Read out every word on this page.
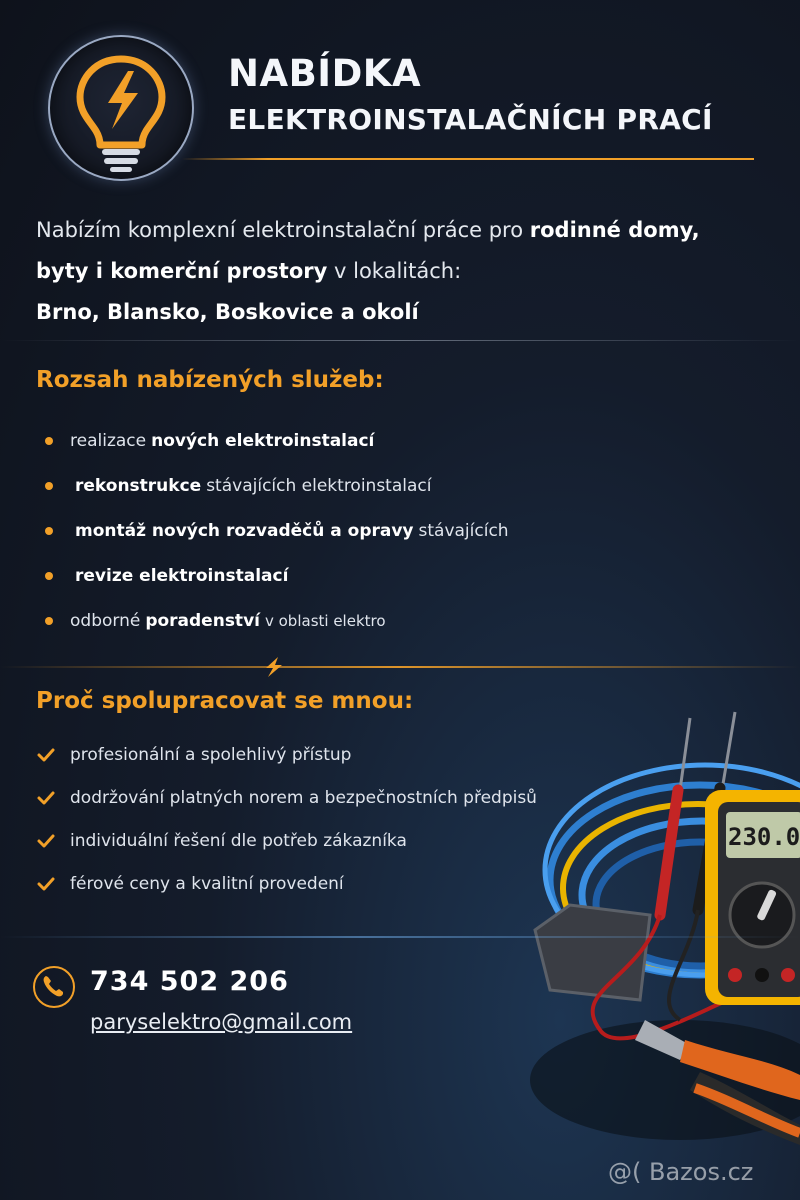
NABÍDKA
ELEKTROINSTALAČNÍCH PRACÍ
Nabízím komplexní elektroinstalační práce pro rodinné domy,
byty i komerční prostory v lokalitách:
Brno, Blansko, Boskovice a okolí
Rozsah nabízených služeb:
realizace nových elektroinstalací
rekonstrukce stávajících elektroinstalací
montáž nových rozvaděčů a opravy stávajících
revize elektroinstalací
odborné poradenství v oblasti elektro
Proč spolupracovat se mnou:
profesionální a spolehlivý přístup
dodržování platných norem a bezpečnostních předpisů
individuální řešení dle potřeb zákazníka
férové ceny a kvalitní provedení
230.0
734 502 206
paryselektro@gmail.com
@( Bazos.cz
